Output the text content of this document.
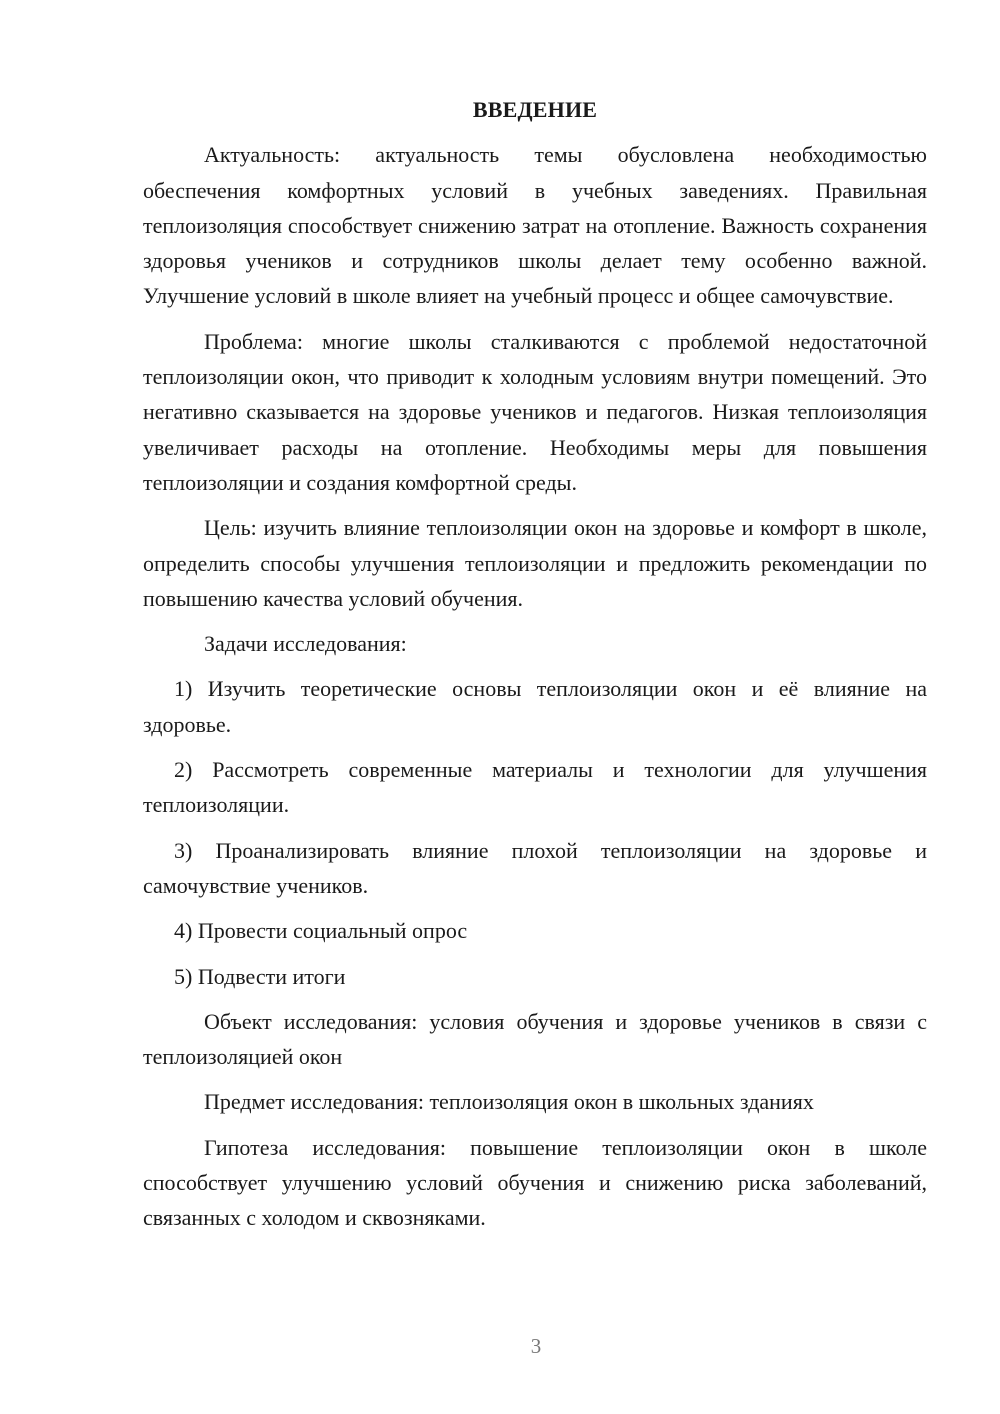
ВВЕДЕНИЕ

Актуальность: актуальность темы обусловлена необходимостью обеспечения комфортных условий в учебных заведениях. Правильная теплоизоляция способствует снижению затрат на отопление. Важность сохранения здоровья учеников и сотрудников школы делает тему особенно важной. Улучшение условий в школе влияет на учебный процесс и общее самочувствие.

Проблема: многие школы сталкиваются с проблемой недостаточной теплоизоляции окон, что приводит к холодным условиям внутри помещений. Это негативно сказывается на здоровье учеников и педагогов. Низкая теплоизоляция увеличивает расходы на отопление. Необходимы меры для повышения теплоизоляции и создания комфортной среды.

Цель: изучить влияние теплоизоляции окон на здоровье и комфорт в школе, определить способы улучшения теплоизоляции и предложить рекомендации по повышению качества условий обучения.

Задачи исследования:

1) Изучить теоретические основы теплоизоляции окон и её влияние на здоровье.

2) Рассмотреть современные материалы и технологии для улучшения теплоизоляции.

3) Проанализировать влияние плохой теплоизоляции на здоровье и самочувствие учеников.

4) Провести социальный опрос

5) Подвести итоги

Объект исследования: условия обучения и здоровье учеников в связи с теплоизоляцией окон

Предмет исследования: теплоизоляция окон в школьных зданиях

Гипотеза исследования: повышение теплоизоляции окон в школе способствует улучшению условий обучения и снижению риска заболеваний, связанных с холодом и сквозняками.

3
